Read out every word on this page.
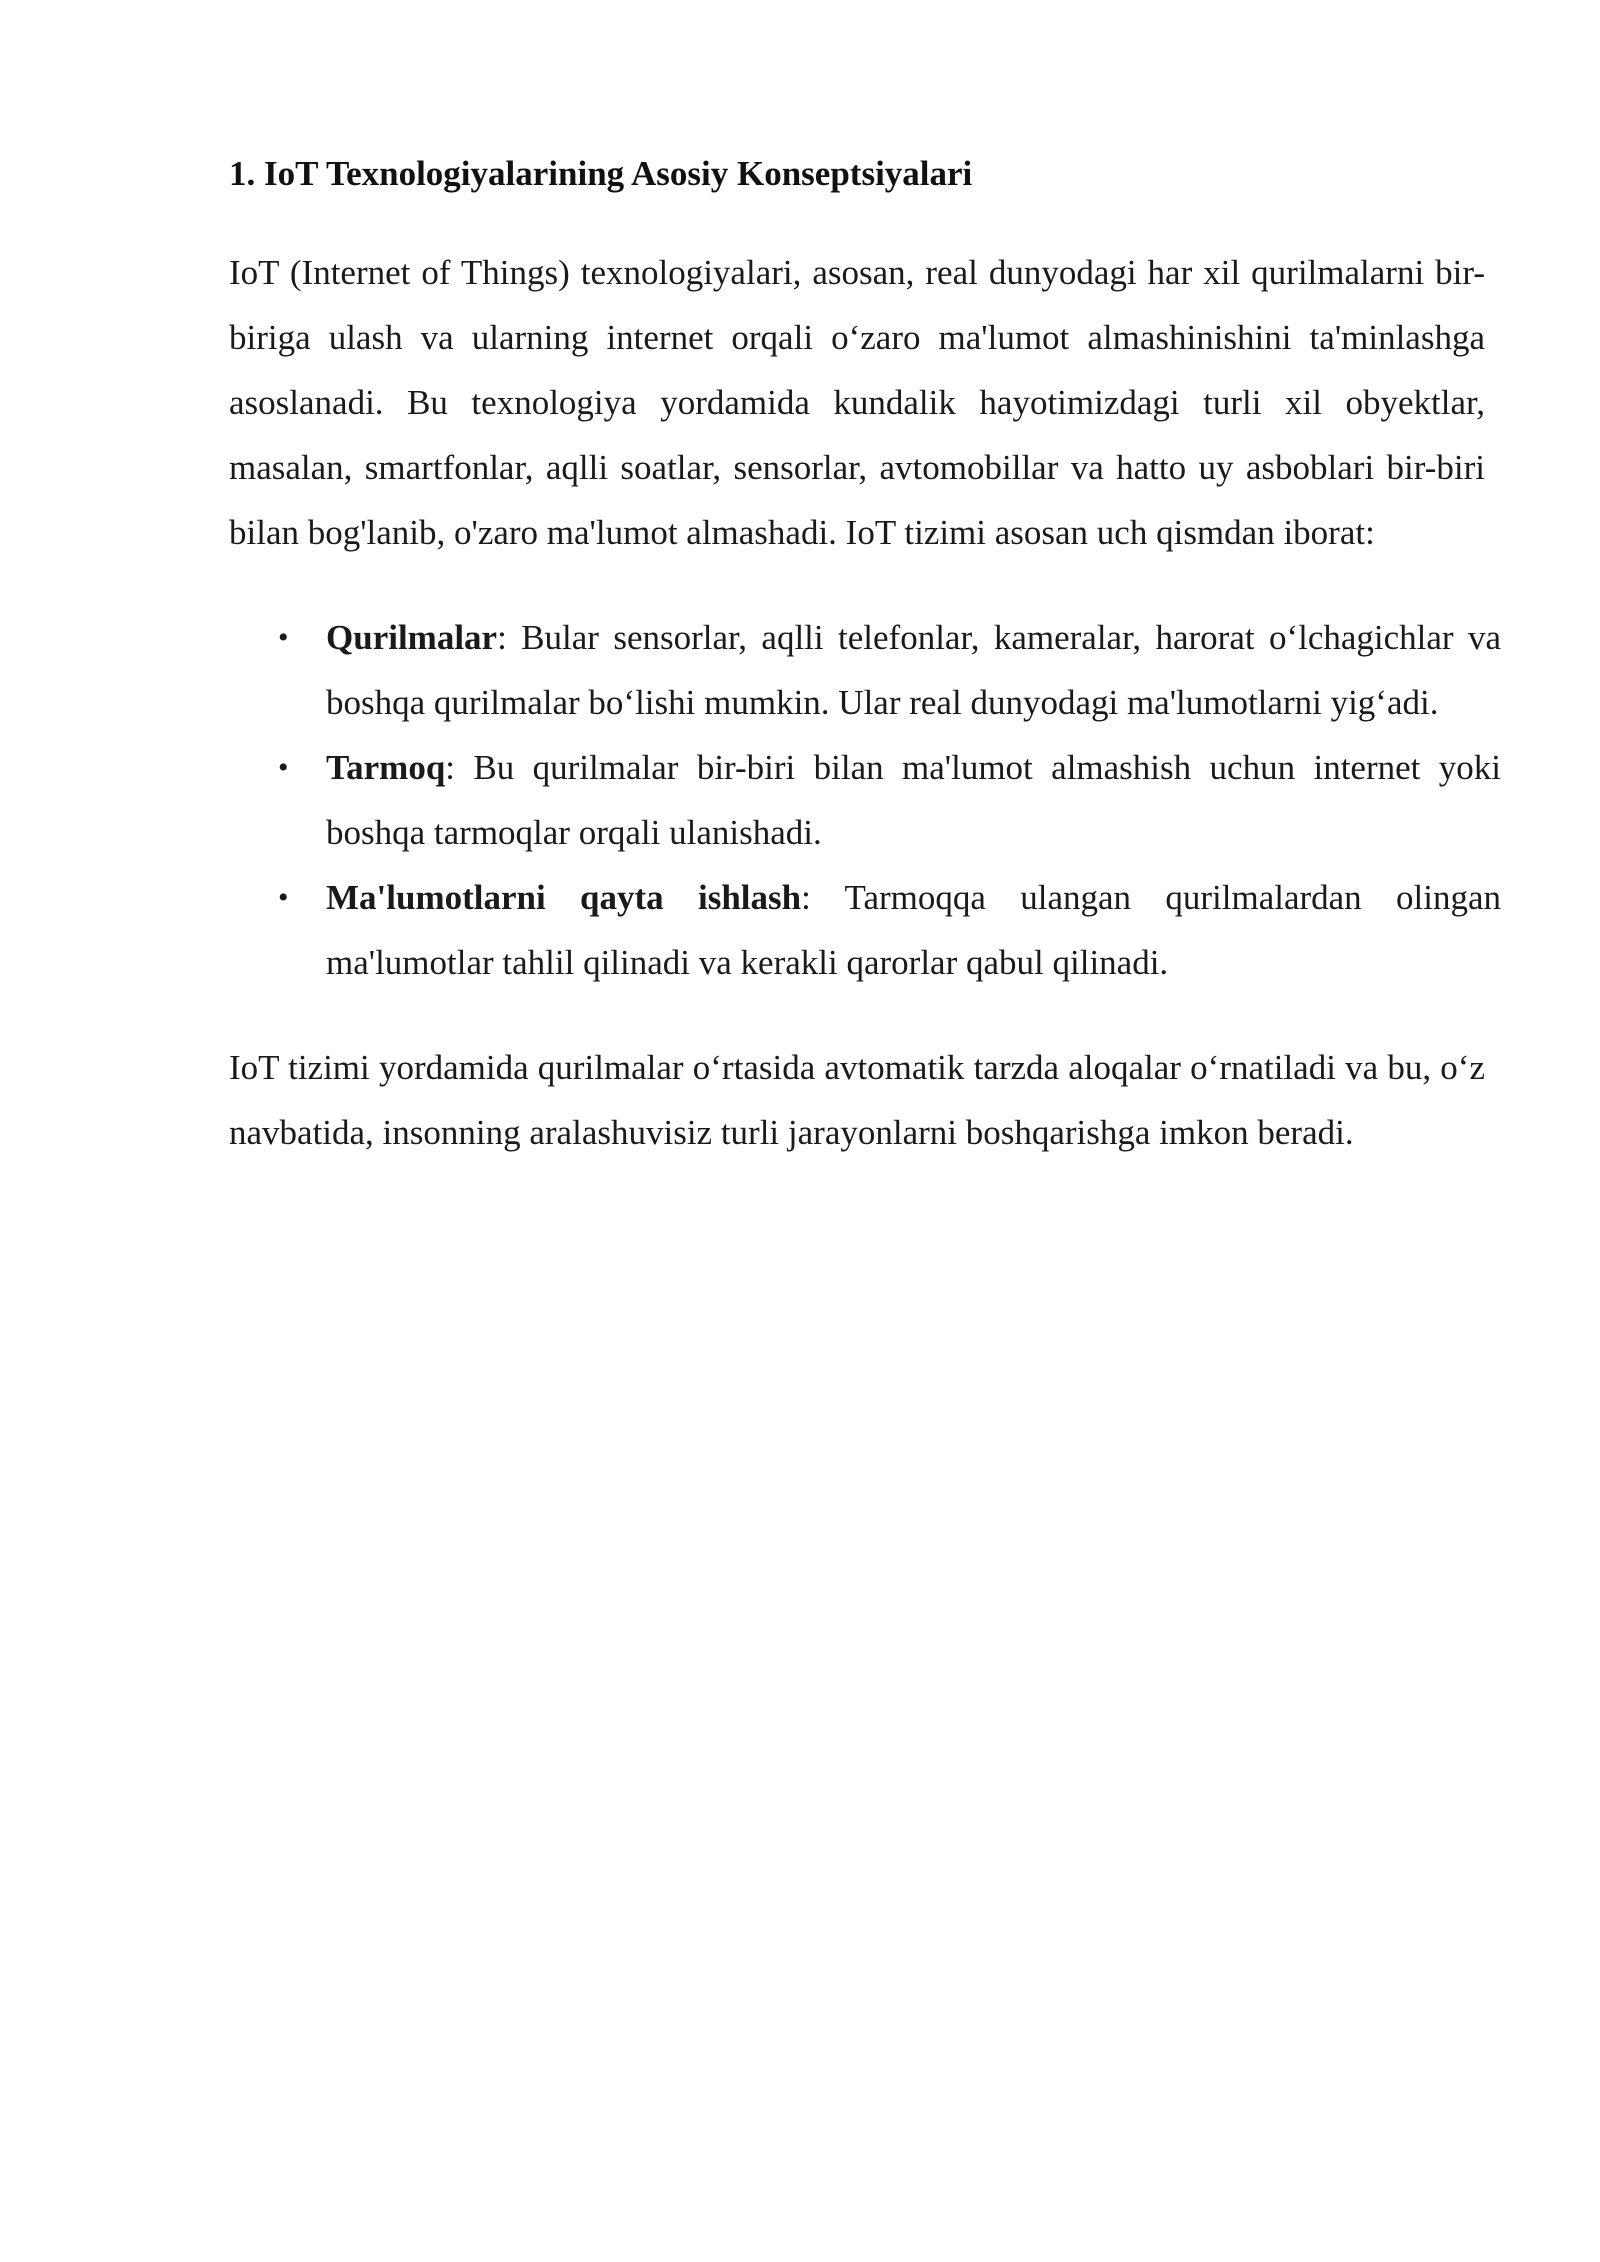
1. IoT Texnologiyalarining Asosiy Konseptsiyalari

IoT (Internet of Things) texnologiyalari, asosan, real dunyodagi har xil qurilmalarni bir-biriga ulash va ularning internet orqali o‘zaro ma'lumot almashinishini ta'minlashga asoslanadi. Bu texnologiya yordamida kundalik hayotimizdagi turli xil obyektlar, masalan, smartfonlar, aqlli soatlar, sensorlar, avtomobillar va hatto uy asboblari bir-biri bilan bog'lanib, o'zaro ma'lumot almashadi. IoT tizimi asosan uch qismdan iborat:

• Qurilmalar: Bular sensorlar, aqlli telefonlar, kameralar, harorat o‘lchagichlar va boshqa qurilmalar bo‘lishi mumkin. Ular real dunyodagi ma'lumotlarni yig‘adi.
• Tarmoq: Bu qurilmalar bir-biri bilan ma'lumot almashish uchun internet yoki boshqa tarmoqlar orqali ulanishadi.
• Ma'lumotlarni qayta ishlash: Tarmoqqa ulangan qurilmalardan olingan ma'lumotlar tahlil qilinadi va kerakli qarorlar qabul qilinadi.

IoT tizimi yordamida qurilmalar o‘rtasida avtomatik tarzda aloqalar o‘rnatiladi va bu, o‘z navbatida, insonning aralashuvisiz turli jarayonlarni boshqarishga imkon beradi.
